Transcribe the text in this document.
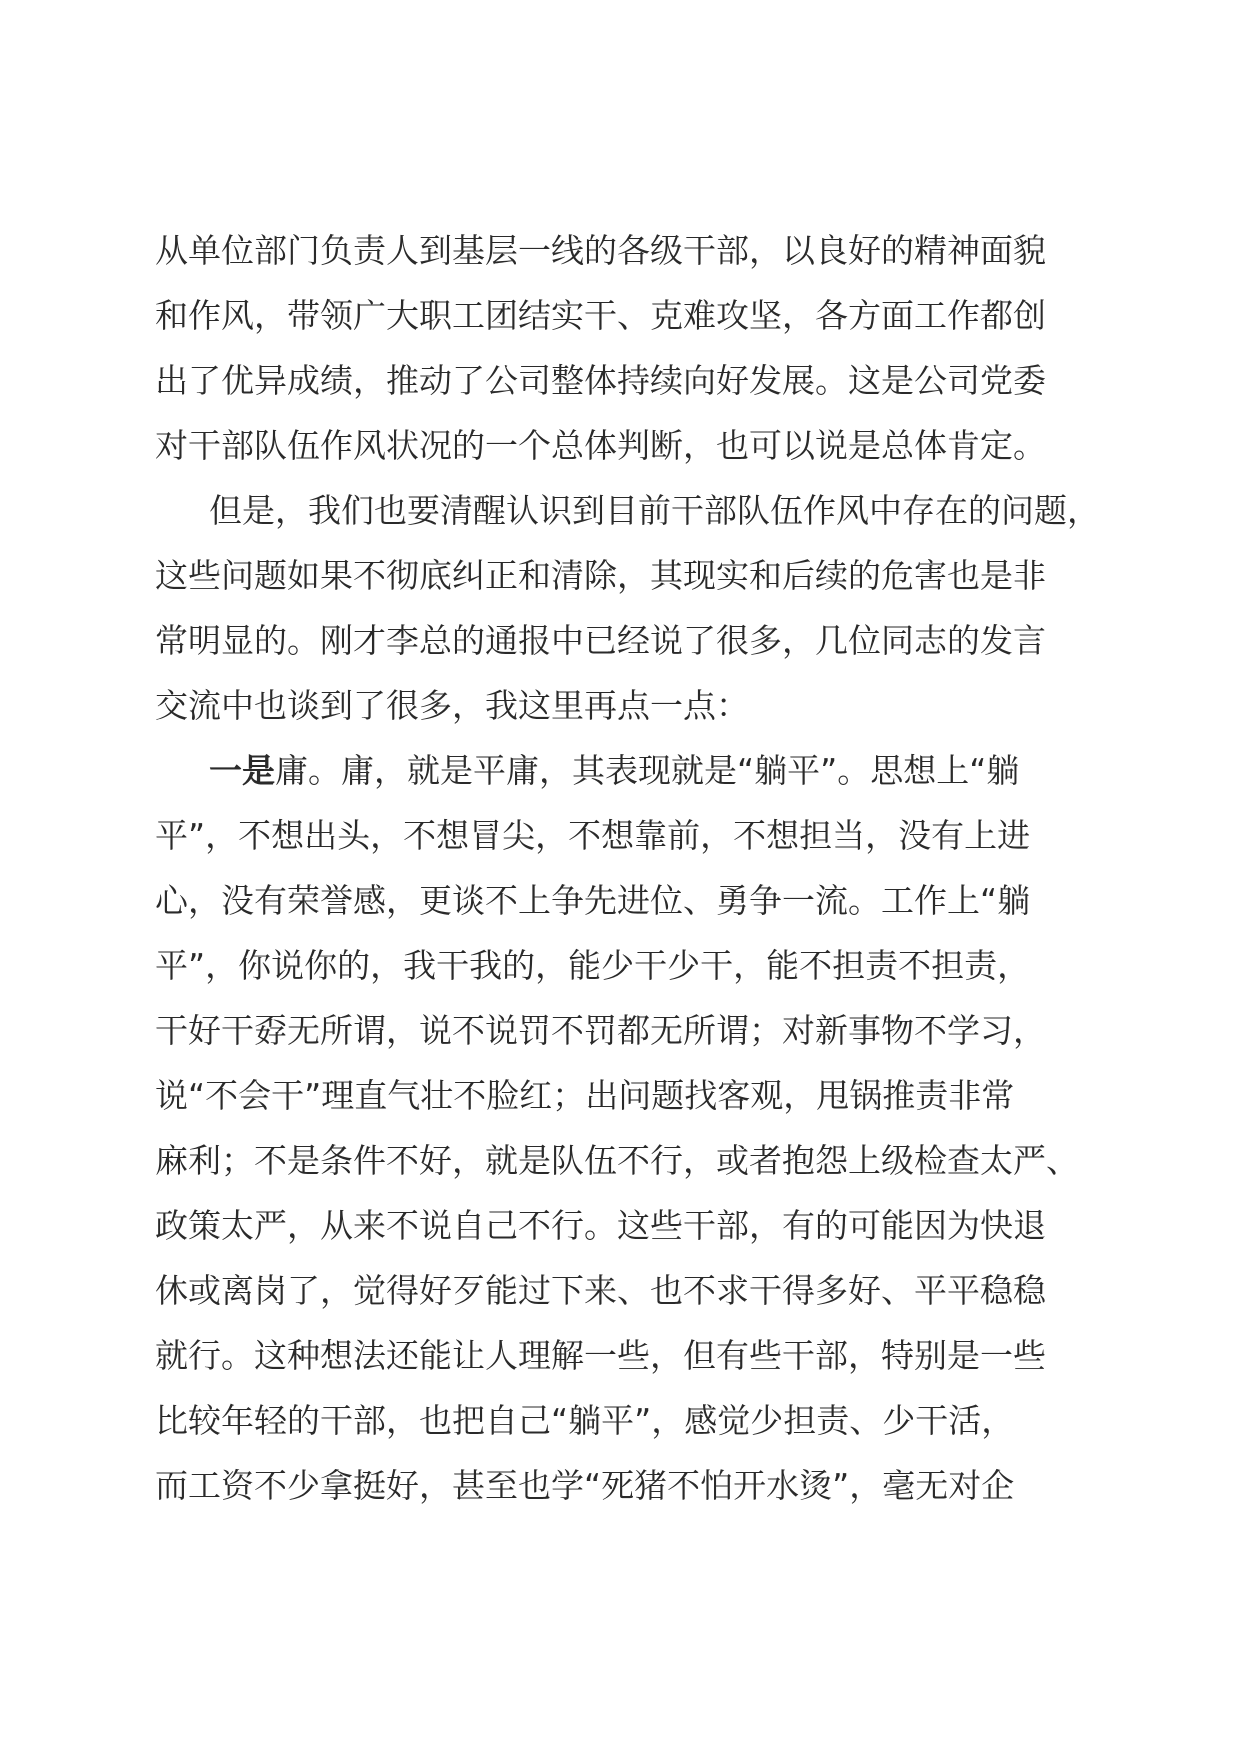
从单位部门负责人到基层一线的各级干部，以良好的精神面貌
和作风，带领广大职工团结实干、克难攻坚，各方面工作都创
出了优异成绩，推动了公司整体持续向好发展。这是公司党委
对干部队伍作风状况的一个总体判断，也可以说是总体肯定。
但是，我们也要清醒认识到目前干部队伍作风中存在的问题，
这些问题如果不彻底纠正和清除，其现实和后续的危害也是非
常明显的。刚才李总的通报中已经说了很多，几位同志的发言
交流中也谈到了很多，我这里再点一点：
一是庸。庸，就是平庸，其表现就是“躺平”。思想上“躺
平”，不想出头，不想冒尖，不想靠前，不想担当，没有上进
心，没有荣誉感，更谈不上争先进位、勇争一流。工作上“躺
平”，你说你的，我干我的，能少干少干，能不担责不担责，
干好干孬无所谓，说不说罚不罚都无所谓；对新事物不学习，
说“不会干”理直气壮不脸红；出问题找客观，甩锅推责非常
麻利；不是条件不好，就是队伍不行，或者抱怨上级检查太严、
政策太严，从来不说自己不行。这些干部，有的可能因为快退
休或离岗了，觉得好歹能过下来、也不求干得多好、平平稳稳
就行。这种想法还能让人理解一些，但有些干部，特别是一些
比较年轻的干部，也把自己“躺平”，感觉少担责、少干活，
而工资不少拿挺好，甚至也学“死猪不怕开水烫”，毫无对企
